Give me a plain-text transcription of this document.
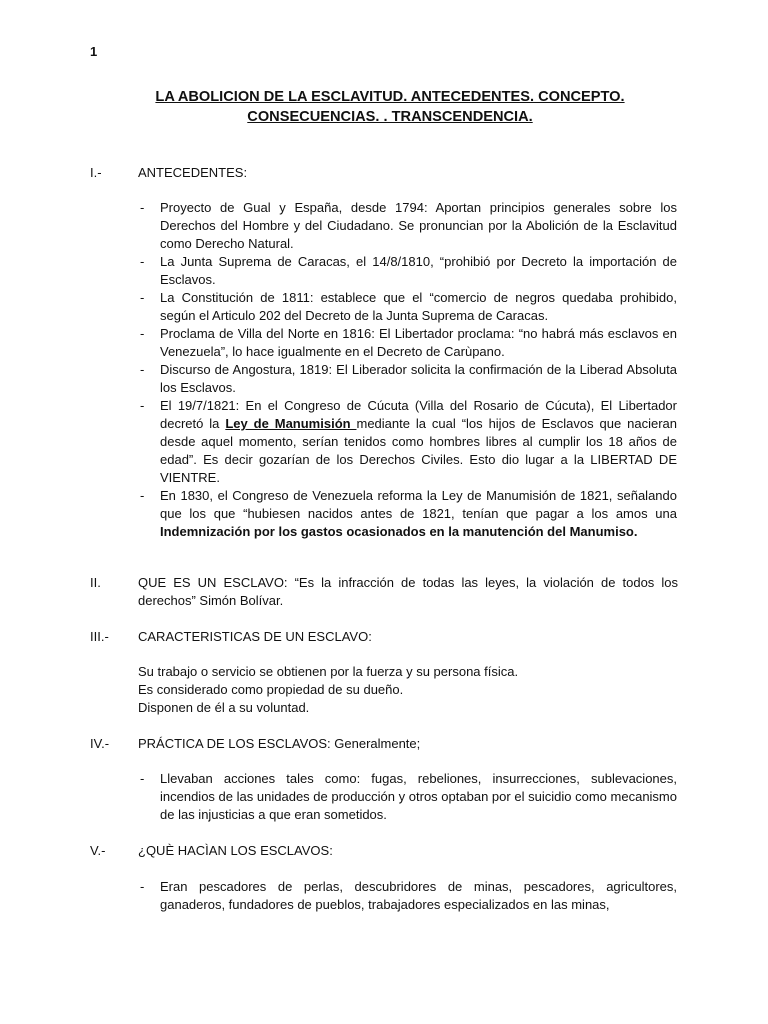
1
LA ABOLICION DE LA ESCLAVITUD. ANTECEDENTES. CONCEPTO.
CONSECUENCIAS. . TRANSCENDENCIA.
I.-	ANTECEDENTES:
- Proyecto de Gual y España, desde 1794: Aportan principios generales sobre los Derechos del Hombre y del Ciudadano. Se pronuncian por la Abolición de la Esclavitud como Derecho Natural.
- La Junta Suprema de Caracas, el 14/8/1810, “prohibió por Decreto la importación de Esclavos.
- La Constitución de 1811: establece que el “comercio de negros quedaba prohibido, según el Articulo 202 del Decreto de la Junta Suprema de Caracas.
- Proclama de Villa del Norte en 1816: El Libertador proclama: “no habrá más esclavos en Venezuela”, lo hace igualmente en el Decreto de Carùpano.
- Discurso de Angostura, 1819: El Liberador solicita la confirmación de la Liberad Absoluta los Esclavos.
- El 19/7/1821: En el Congreso de Cúcuta (Villa del Rosario de Cúcuta), El Libertador decretó la Ley de Manumisión mediante la cual “los hijos de Esclavos que nacieran desde aquel momento, serían tenidos como hombres libres al cumplir los 18 años de edad”. Es decir gozarían de los Derechos Civiles. Esto dio lugar a la LIBERTAD DE VIENTRE.
- En 1830, el Congreso de Venezuela reforma la Ley de Manumisión de 1821, señalando que los que “hubiesen nacidos antes de 1821, tenían que pagar a los amos una Indemnización por los gastos ocasionados en la manutención del Manumiso.
II.	QUE ES UN ESCLAVO: “Es la infracción de todas las leyes, la violación de todos los derechos” Simón Bolívar.
III.- CARACTERISTICAS DE UN ESCLAVO:
Su trabajo o servicio se obtienen por la fuerza y su persona física.
Es considerado como propiedad de su dueño.
Disponen de él a su voluntad.
IV.- PRÁCTICA DE LOS ESCLAVOS: Generalmente;
- Llevaban acciones tales como: fugas, rebeliones, insurrecciones, sublevaciones, incendios de las unidades de producción y otros optaban por el suicidio como mecanismo de las injusticias a que eran sometidos.
V.-	¿QUÈ HACÌAN LOS ESCLAVOS:
- Eran pescadores de perlas, descubridores de minas, pescadores, agricultores, ganaderos, fundadores de pueblos, trabajadores especializados en las minas,
